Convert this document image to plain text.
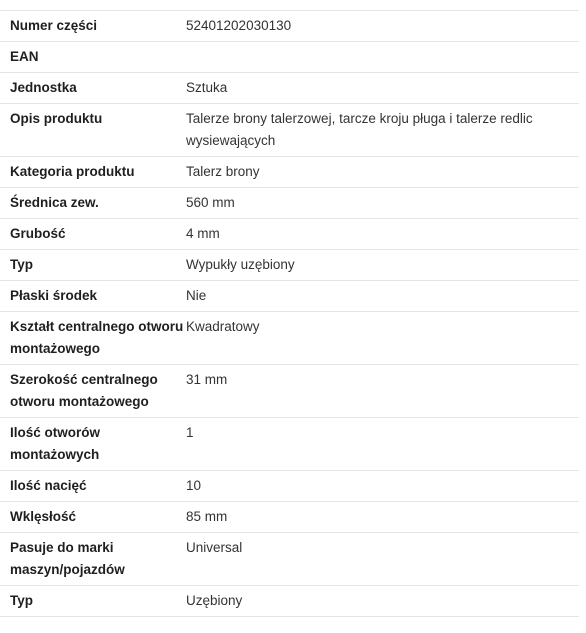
Numer części	52401202030130
EAN	
Jednostka	Sztuka
Opis produktu	Talerze brony talerzowej, tarcze kroju pługa i talerze redlic wysiewających
Kategoria produktu	Talerz brony
Średnica zew.	560 mm
Grubość	4 mm
Typ	Wypukły uzębiony
Płaski środek	Nie
Kształt centralnego otworu montażowego	Kwadratowy
Szerokość centralnego otworu montażowego	31 mm
Ilość otworów montażowych	1
Ilość nacięć	10
Wklęsłość	85 mm
Pasuje do marki maszyn/pojazdów	Universal
Typ	Uzębiony
